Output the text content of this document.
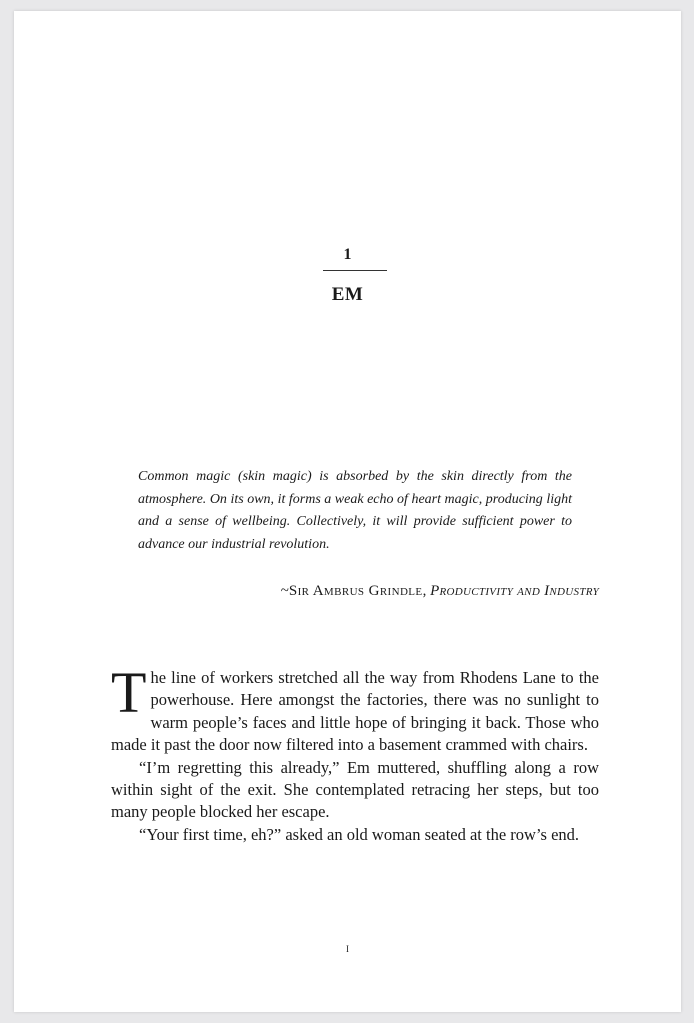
1
EM
Common magic (skin magic) is absorbed by the skin directly from the atmosphere. On its own, it forms a weak echo of heart magic, producing light and a sense of wellbeing. Collectively, it will provide sufficient power to advance our industrial revolution.
~Sir Ambrus Grindle, Productivity and Industry

The line of workers stretched all the way from Rhodens Lane to the powerhouse. Here amongst the factories, there was no sunlight to warm people’s faces and little hope of bringing it back. Those who made it past the door now filtered into a basement crammed with chairs.

“I’m regretting this already,” Em muttered, shuffling along a row within sight of the exit. She contemplated retracing her steps, but too many people blocked her escape.

“Your first time, eh?” asked an old woman seated at the row’s end.

i
